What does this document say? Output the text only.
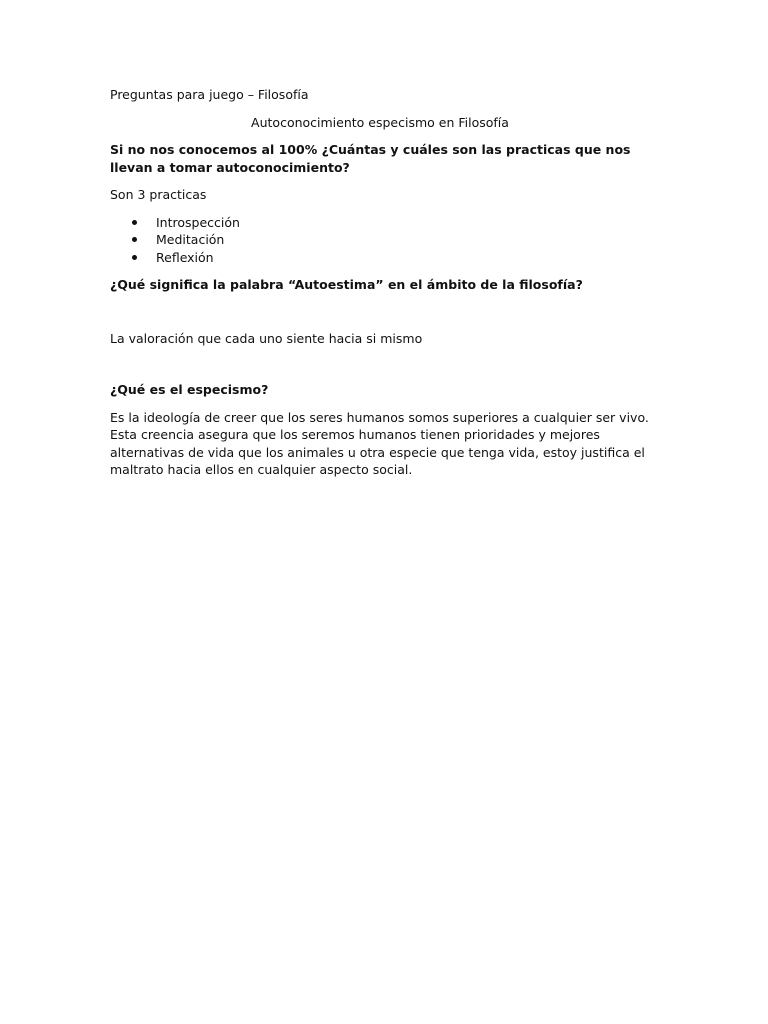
Preguntas para juego – Filosofía

Autoconocimiento especismo en Filosofía

Si no nos conocemos al 100% ¿Cuántas y cuáles son las practicas que nos llevan a tomar autoconocimiento?

Son 3 practicas

Introspección
Meditación
Reflexión

¿Qué significa la palabra “Autoestima” en el ámbito de la filosofía?

La valoración que cada uno siente hacia si mismo

¿Qué es el especismo?

Es la ideología de creer que los seres humanos somos superiores a cualquier ser vivo. Esta creencia asegura que los seremos humanos tienen prioridades y mejores alternativas de vida que los animales u otra especie que tenga vida, estoy justifica el maltrato hacia ellos en cualquier aspecto social.
